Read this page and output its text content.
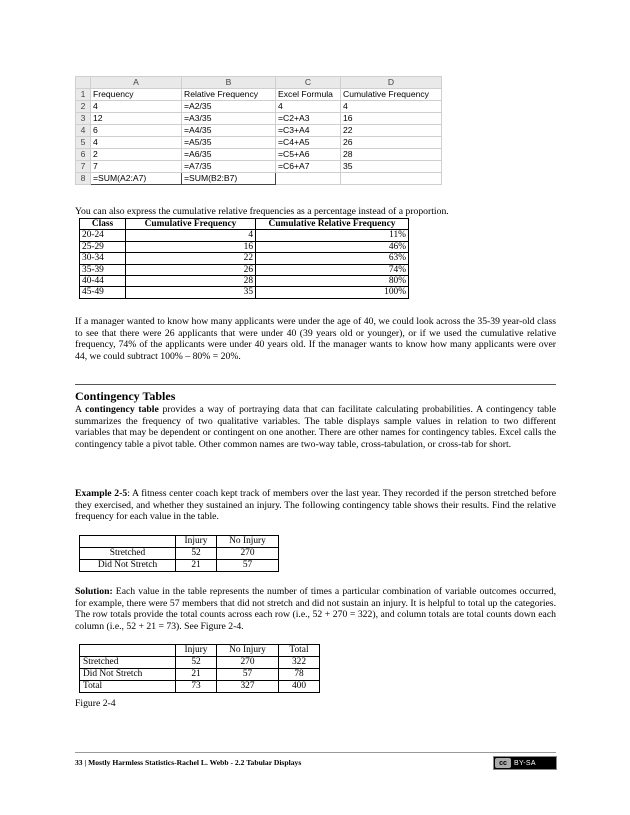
	A	B	C	D
1	Frequency	Relative Frequency	Excel Formula	Cumulative Frequency
2	4	=A2/35	4	4
3	12	=A3/35	=C2+A3	16
4	6	=A4/35	=C3+A4	22
5	4	=A5/35	=C4+A5	26
6	2	=A6/35	=C5+A6	28
7	7	=A7/35	=C6+A7	35
8	=SUM(A2:A7)	=SUM(B2:B7)		

You can also express the cumulative relative frequencies as a percentage instead of a proportion.

Class	Cumulative Frequency	Cumulative Relative Frequency
20-24	4	11%
25-29	16	46%
30-34	22	63%
35-39	26	74%
40-44	28	80%
45-49	35	100%

If a manager wanted to know how many applicants were under the age of 40, we could look across the 35-39 year-old class to see that there were 26 applicants that were under 40 (39 years old or younger), or if we used the cumulative relative frequency, 74% of the applicants were under 40 years old. If the manager wants to know how many applicants were over 44, we could subtract 100% – 80% = 20%.

Contingency Tables

A contingency table provides a way of portraying data that can facilitate calculating probabilities. A contingency table summarizes the frequency of two qualitative variables. The table displays sample values in relation to two different variables that may be dependent or contingent on one another. There are other names for contingency tables. Excel calls the contingency table a pivot table. Other common names are two-way table, cross-tabulation, or cross-tab for short.

Example 2-5: A fitness center coach kept track of members over the last year. They recorded if the person stretched before they exercised, and whether they sustained an injury. The following contingency table shows their results. Find the relative frequency for each value in the table.

	Injury	No Injury
Stretched	52	270
Did Not Stretch	21	57

Solution: Each value in the table represents the number of times a particular combination of variable outcomes occurred, for example, there were 57 members that did not stretch and did not sustain an injury. It is helpful to total up the categories. The row totals provide the total counts across each row (i.e., 52 + 270 = 322), and column totals are total counts down each column (i.e., 52 + 21 = 73). See Figure 2-4.

	Injury	No Injury	Total
Stretched	52	270	322
Did Not Stretch	21	57	78
Total	73	327	400
Figure 2-4
33 | Mostly Harmless Statistics-Rachel L. Webb - 2.2 Tabular Displays	cc	BY-SA
